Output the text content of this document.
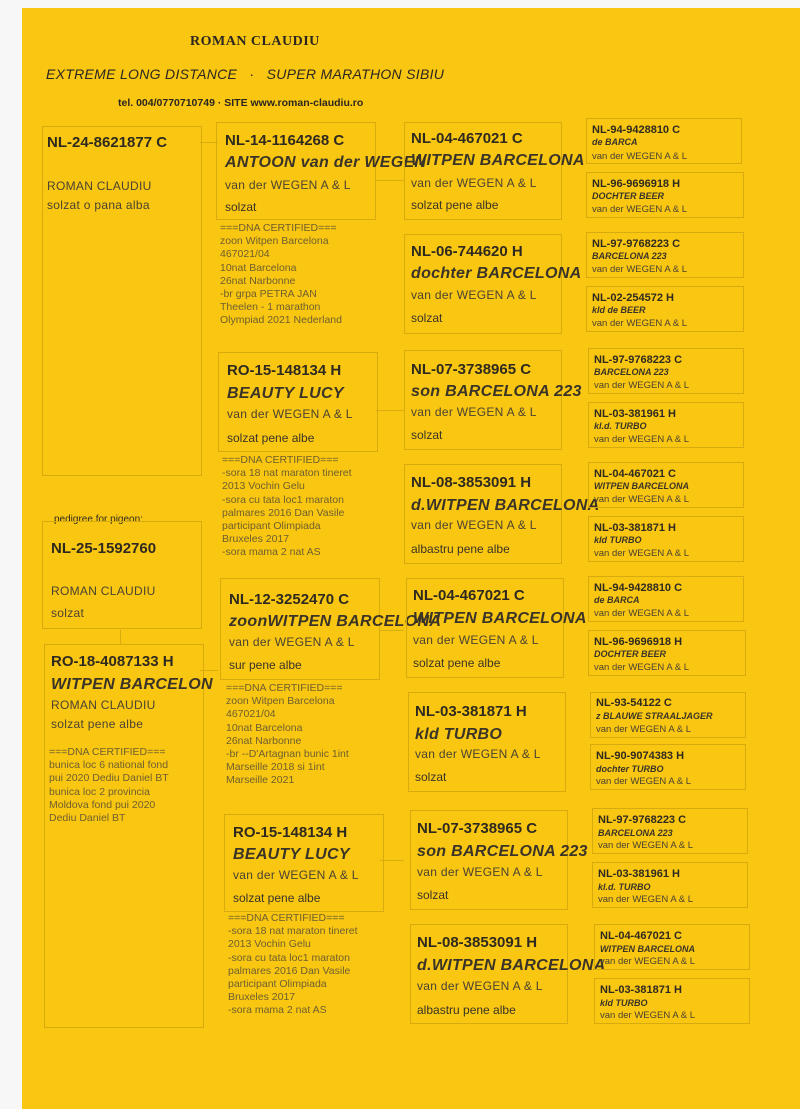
ROMAN CLAUDIU
EXTREME LONG DISTANCE · SUPER MARATHON SIBIU
tel. 004/0770710749 · SITE www.roman-claudiu.ro
NL-24-8621877 C
ROMAN CLAUDIU
solzat o pana alba
pedigree for pigeon:
NL-25-1592760
ROMAN CLAUDIU
solzat
RO-18-4087133 H
WITPEN BARCELON
ROMAN CLAUDIU
solzat pene albe
===DNA CERTIFIED===
bunica loc 6 national fond
pui 2020 Dediu Daniel BT
bunica loc 2 provincia
Moldova fond pui 2020
Dediu Daniel BT
NL-14-1164268 C
ANTOON van der WEGEN
van der WEGEN A & L
solzat
===DNA CERTIFIED===
zoon Witpen Barcelona
467021/04
10nat Barcelona
26nat Narbonne
-br grpa PETRA JAN
Theelen - 1 marathon
Olympiad 2021 Nederland
RO-15-148134 H
BEAUTY LUCY
van der WEGEN A & L
solzat pene albe
===DNA CERTIFIED===
-sora 18 nat maraton tineret
2013 Vochin Gelu
-sora cu tata loc1 maraton
palmares 2016 Dan Vasile
participant Olimpiada
Bruxeles 2017
-sora mama 2 nat AS
NL-12-3252470 C
zoonWITPEN BARCELONA
van der WEGEN A & L
sur pene albe
===DNA CERTIFIED===
zoon Witpen Barcelona
467021/04
10nat Barcelona
26nat Narbonne
-br --D'Artagnan bunic 1int
Marseille 2018 si 1int
Marseille 2021
RO-15-148134 H
BEAUTY LUCY
van der WEGEN A & L
solzat pene albe
===DNA CERTIFIED===
-sora 18 nat maraton tineret
2013 Vochin Gelu
-sora cu tata loc1 maraton
palmares 2016 Dan Vasile
participant Olimpiada
Bruxeles 2017
-sora mama 2 nat AS
NL-04-467021 C
WITPEN BARCELONA
van der WEGEN A & L
solzat pene albe
NL-06-744620 H
dochter BARCELONA
van der WEGEN A & L
solzat
NL-07-3738965 C
son BARCELONA 223
van der WEGEN A & L
solzat
NL-08-3853091 H
d.WITPEN BARCELONA
van der WEGEN A & L
albastru pene albe
NL-04-467021 C
WITPEN BARCELONA
van der WEGEN A & L
solzat pene albe
NL-03-381871 H
kld TURBO
van der WEGEN A & L
solzat
NL-07-3738965 C
son BARCELONA 223
van der WEGEN A & L
solzat
NL-08-3853091 H
d.WITPEN BARCELONA
van der WEGEN A & L
albastru pene albe
NL-94-9428810 C
de BARCA
van der WEGEN A & L
NL-96-9696918 H
DOCHTER BEER
van der WEGEN A & L
NL-97-9768223 C
BARCELONA 223
van der WEGEN A & L
NL-02-254572 H
kld de BEER
van der WEGEN A & L
NL-97-9768223 C
BARCELONA 223
van der WEGEN A & L
NL-03-381961 H
kl.d. TURBO
van der WEGEN A & L
NL-04-467021 C
WITPEN BARCELONA
van der WEGEN A & L
NL-03-381871 H
kld TURBO
van der WEGEN A & L
NL-94-9428810 C
de BARCA
van der WEGEN A & L
NL-96-9696918 H
DOCHTER BEER
van der WEGEN A & L
NL-93-54122 C
z BLAUWE STRAALJAGER
van der WEGEN A & L
NL-90-9074383 H
dochter TURBO
van der WEGEN A & L
NL-97-9768223 C
BARCELONA 223
van der WEGEN A & L
NL-03-381961 H
kl.d. TURBO
van der WEGEN A & L
NL-04-467021 C
WITPEN BARCELONA
van der WEGEN A & L
NL-03-381871 H
kld TURBO
van der WEGEN A & L
